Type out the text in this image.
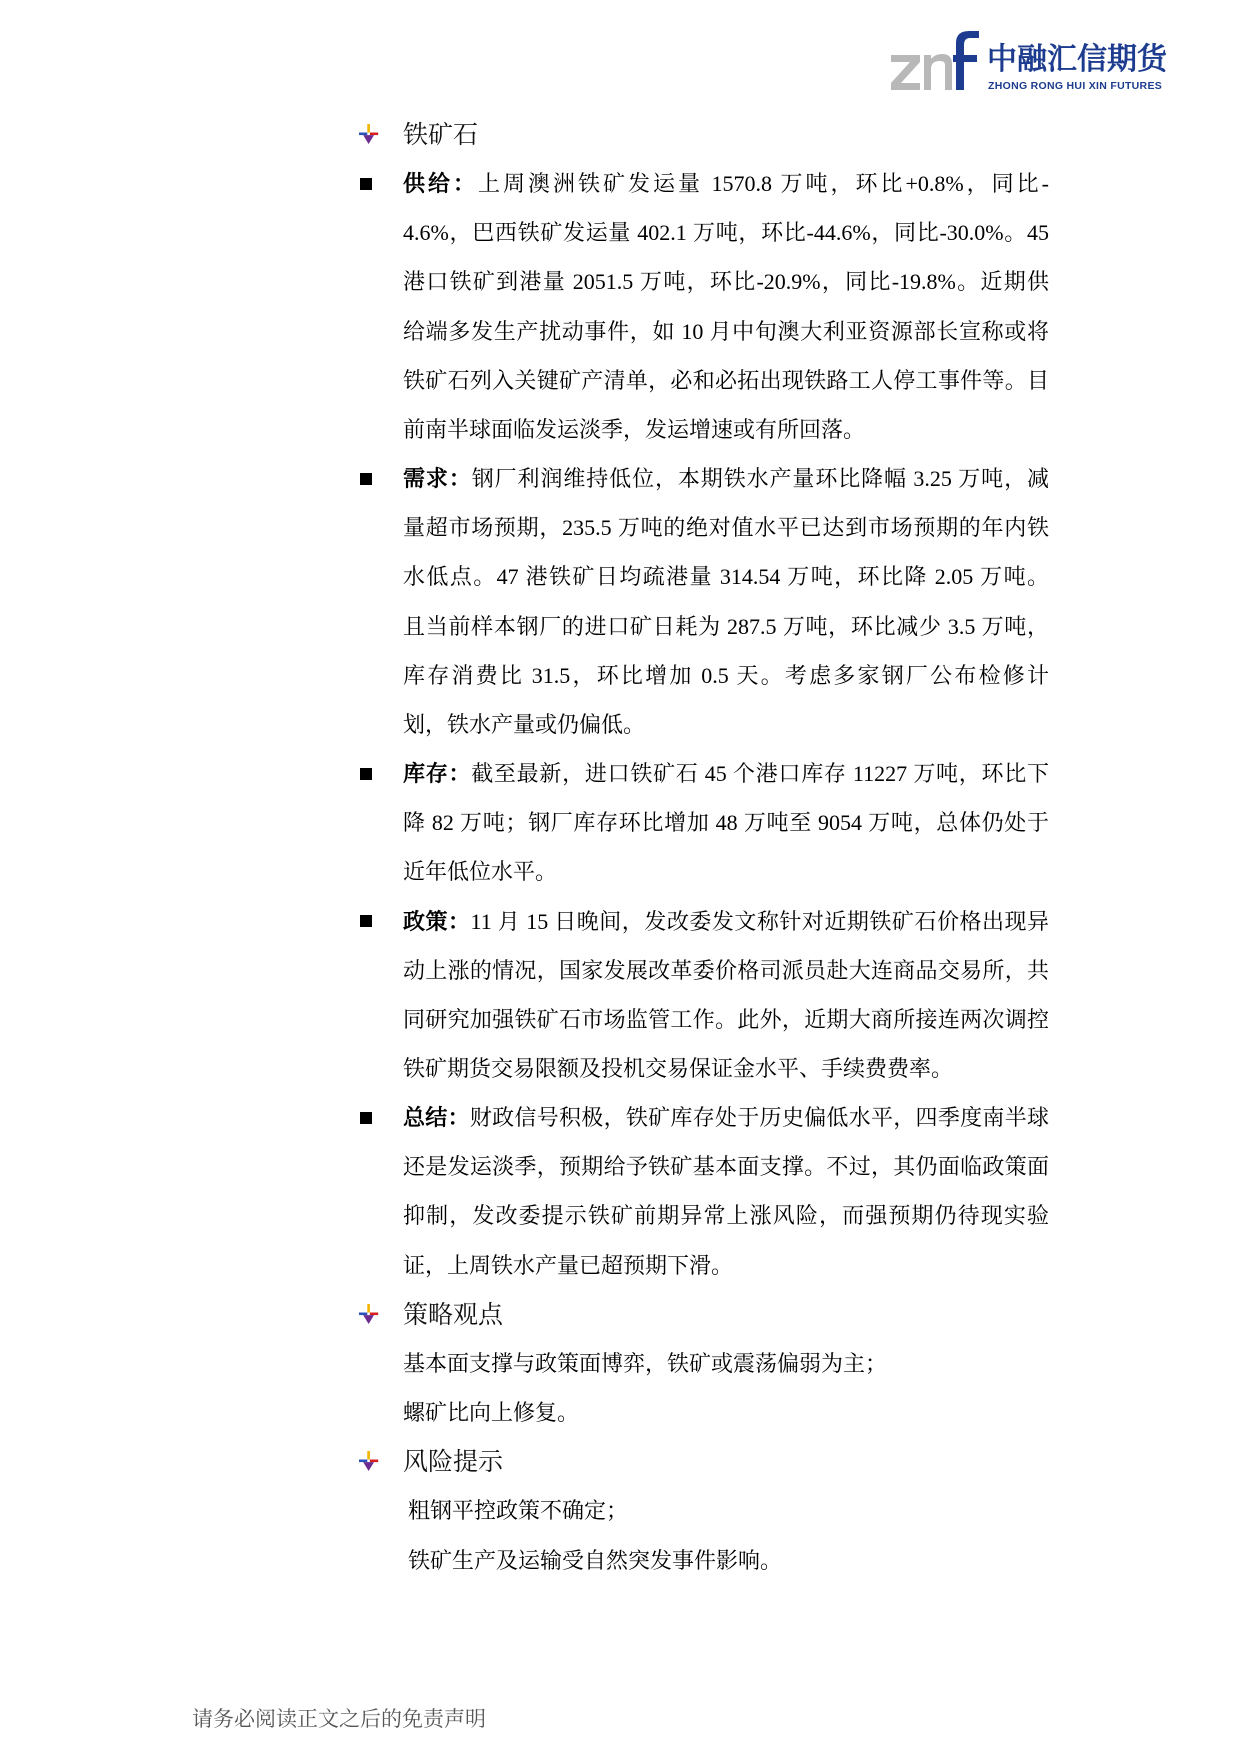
中融汇信期货
ZHONG RONG HUI XIN FUTURES
铁矿石
供给：上周澳洲铁矿发运量 1570.8 万吨，环比+0.8%，同比-
4.6%，巴西铁矿发运量 402.1 万吨，环比-44.6%，同比-30.0%。45
港口铁矿到港量 2051.5 万吨，环比-20.9%，同比-19.8%。近期供
给端多发生产扰动事件，如 10 月中旬澳大利亚资源部长宣称或将
铁矿石列入关键矿产清单，必和必拓出现铁路工人停工事件等。目
前南半球面临发运淡季，发运增速或有所回落。
需求：钢厂利润维持低位，本期铁水产量环比降幅 3.25 万吨，减
量超市场预期，235.5 万吨的绝对值水平已达到市场预期的年内铁
水低点。47 港铁矿日均疏港量 314.54 万吨，环比降 2.05 万吨。
且当前样本钢厂的进口矿日耗为 287.5 万吨，环比减少 3.5 万吨，
库存消费比 31.5，环比增加 0.5 天。考虑多家钢厂公布检修计
划，铁水产量或仍偏低。
库存：截至最新，进口铁矿石 45 个港口库存 11227 万吨，环比下
降 82 万吨；钢厂库存环比增加 48 万吨至 9054 万吨，总体仍处于
近年低位水平。
政策：11 月 15 日晚间，发改委发文称针对近期铁矿石价格出现异
动上涨的情况，国家发展改革委价格司派员赴大连商品交易所，共
同研究加强铁矿石市场监管工作。此外，近期大商所接连两次调控
铁矿期货交易限额及投机交易保证金水平、手续费费率。
总结：财政信号积极，铁矿库存处于历史偏低水平，四季度南半球
还是发运淡季，预期给予铁矿基本面支撑。不过，其仍面临政策面
抑制，发改委提示铁矿前期异常上涨风险，而强预期仍待现实验
证，上周铁水产量已超预期下滑。
策略观点
基本面支撑与政策面博弈，铁矿或震荡偏弱为主；
螺矿比向上修复。
风险提示
粗钢平控政策不确定；
铁矿生产及运输受自然突发事件影响。
请务必阅读正文之后的免责声明
